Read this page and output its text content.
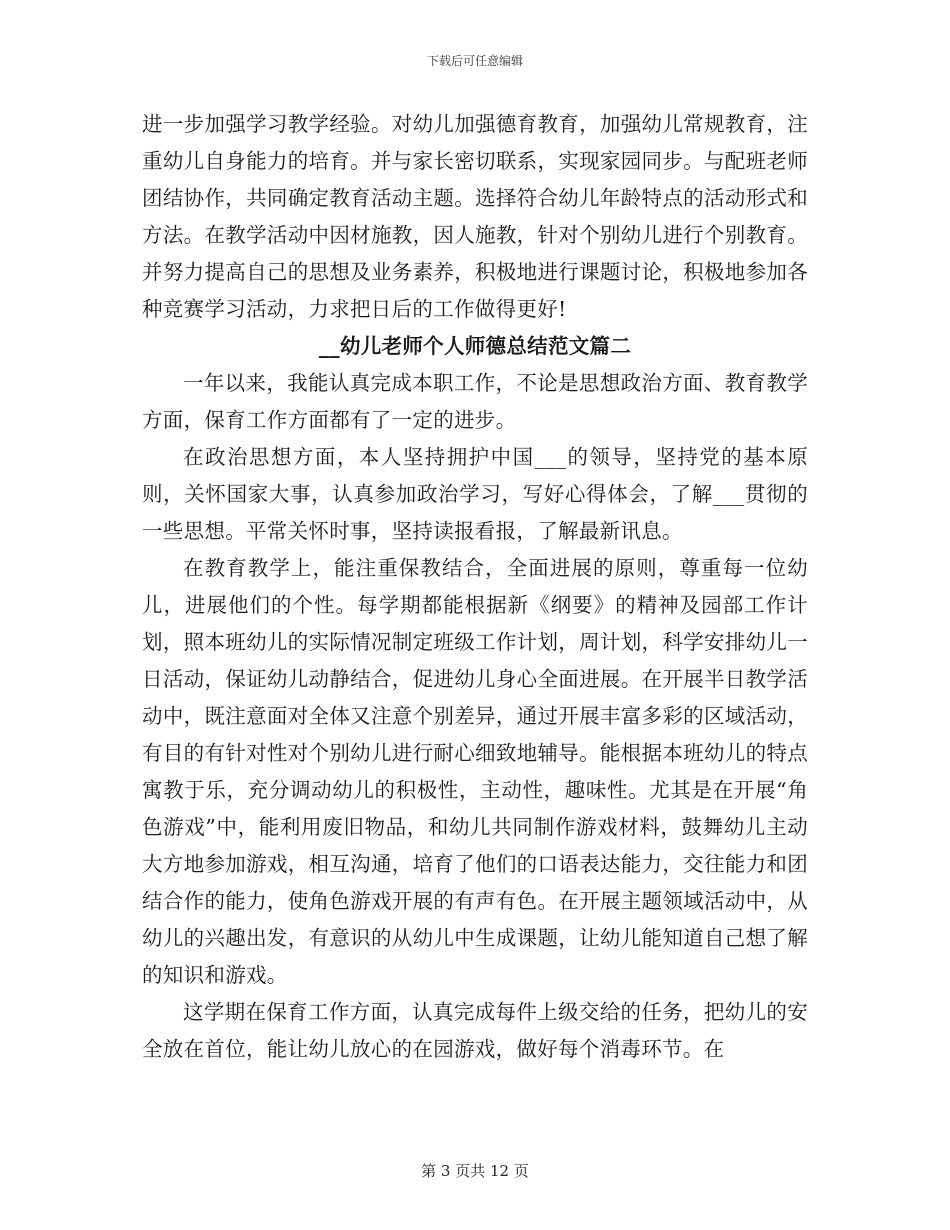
下载后可任意编辑

进一步加强学习教学经验。对幼儿加强德育教育，加强幼儿常规教育，注重幼儿自身能力的培育。并与家长密切联系，实现家园同步。与配班老师团结协作，共同确定教育活动主题。选择符合幼儿年龄特点的活动形式和方法。在教学活动中因材施教，因人施教，针对个别幼儿进行个别教育。并努力提高自己的思想及业务素养，积极地进行课题讨论，积极地参加各种竞赛学习活动，力求把日后的工作做得更好!

__幼儿老师个人师德总结范文篇二

一年以来，我能认真完成本职工作，不论是思想政治方面、教育教学方面，保育工作方面都有了一定的进步。

在政治思想方面，本人坚持拥护中国___的领导，坚持党的基本原则，关怀国家大事，认真参加政治学习，写好心得体会，了解___贯彻的一些思想。平常关怀时事，坚持读报看报，了解最新讯息。

在教育教学上，能注重保教结合，全面进展的原则，尊重每一位幼儿，进展他们的个性。每学期都能根据新《纲要》的精神及园部工作计划，照本班幼儿的实际情况制定班级工作计划，周计划，科学安排幼儿一日活动，保证幼儿动静结合，促进幼儿身心全面进展。在开展半日教学活动中，既注意面对全体又注意个别差异，通过开展丰富多彩的区域活动，有目的有针对性对个别幼儿进行耐心细致地辅导。能根据本班幼儿的特点寓教于乐，充分调动幼儿的积极性，主动性，趣味性。尤其是在开展“角色游戏”中，能利用废旧物品，和幼儿共同制作游戏材料，鼓舞幼儿主动大方地参加游戏，相互沟通，培育了他们的口语表达能力，交往能力和团结合作的能力，使角色游戏开展的有声有色。在开展主题领域活动中，从幼儿的兴趣出发，有意识的从幼儿中生成课题，让幼儿能知道自己想了解的知识和游戏。

这学期在保育工作方面，认真完成每件上级交给的任务，把幼儿的安全放在首位，能让幼儿放心的在园游戏，做好每个消毒环节。在

第 3 页共 12 页
